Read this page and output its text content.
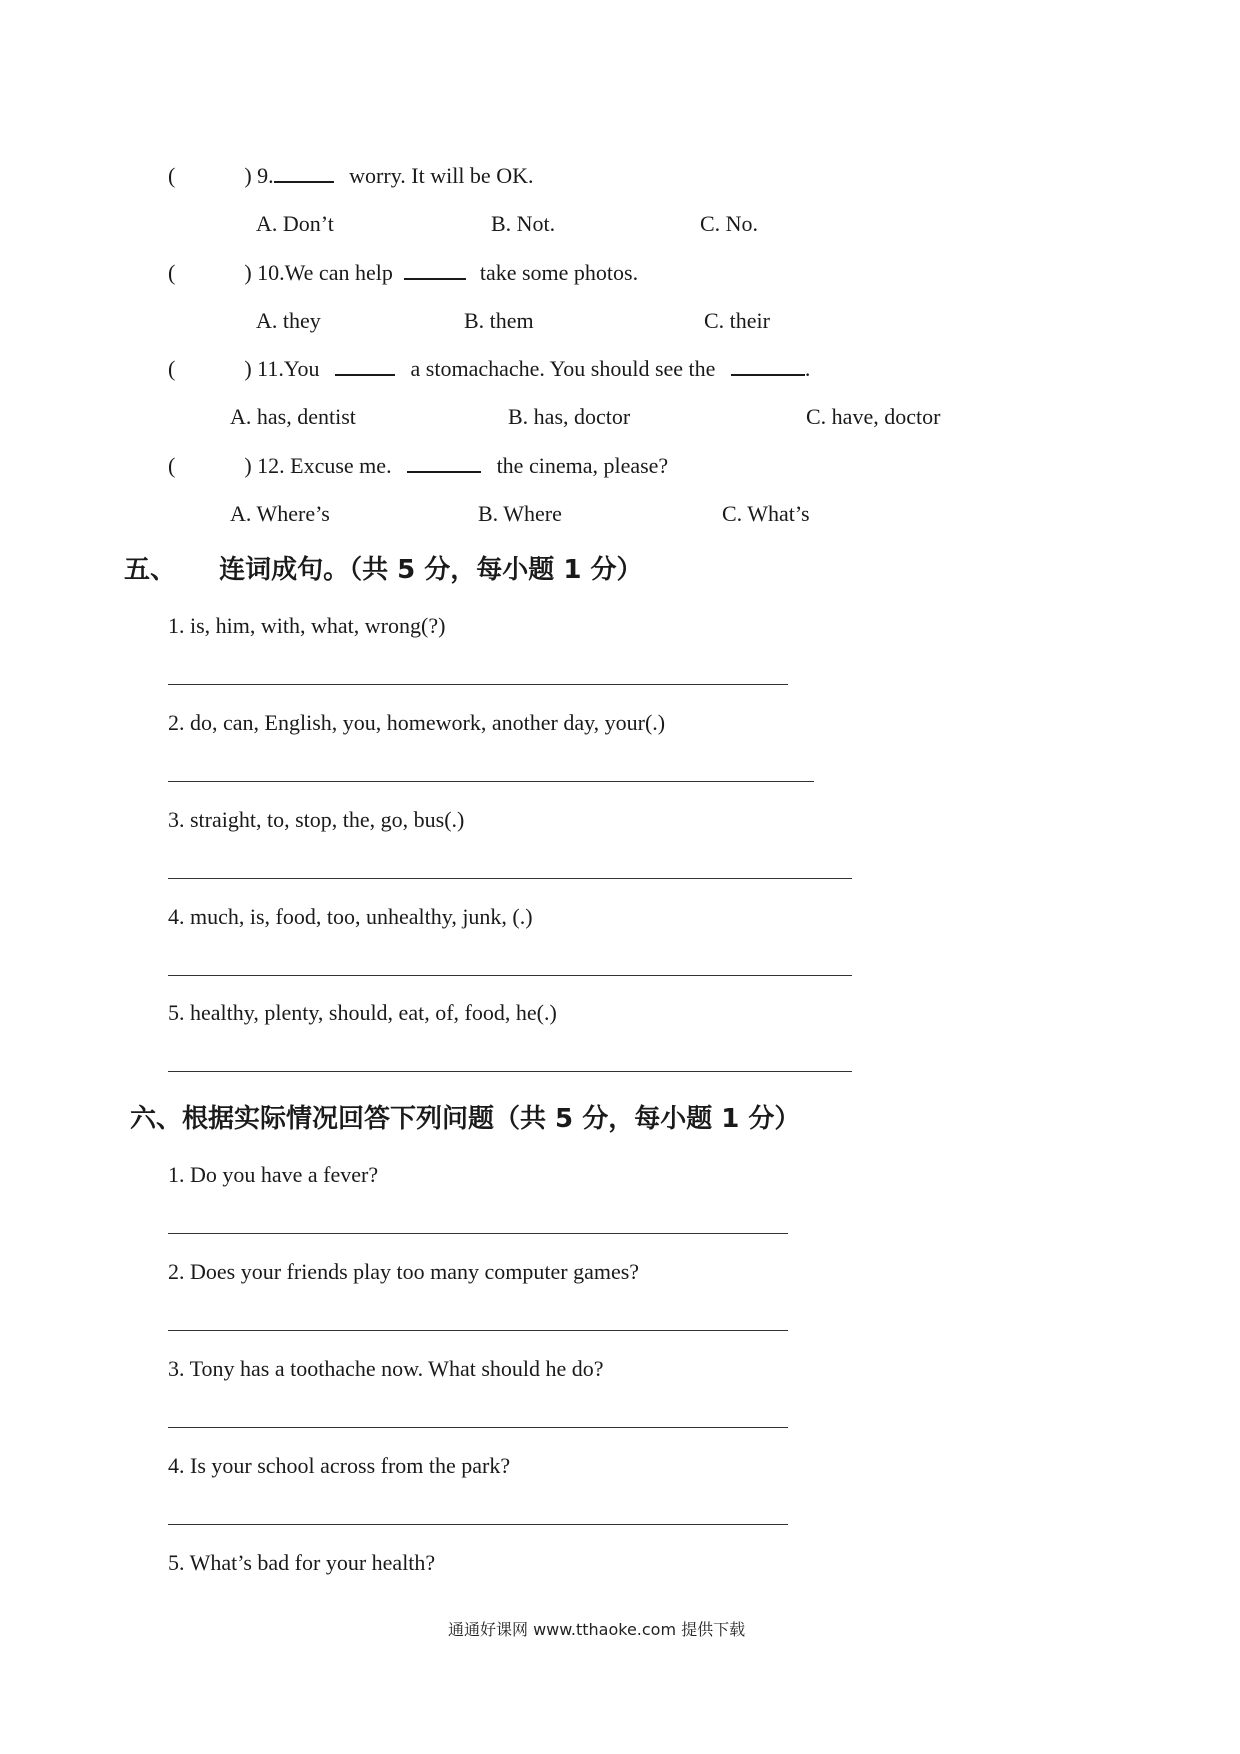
(	) 9.	worry. It will be OK.
A. Don’t	B. Not.	C. No.
(	) 10.We can help	take some photos.
A. they	B. them	C. their
(	) 11.You	a stomachache. You should see the	.
A. has, dentist	B. has, doctor	C. have, doctor
(	) 12. Excuse me.	the cinema, please?
A. Where’s	B. Where	C. What’s
五、 连词成句。（共 5 分，每小题 1 分）
1. is, him, with, what, wrong(?)
2. do, can, English, you, homework, another day, your(.)
3. straight, to, stop, the, go, bus(.)
4. much, is, food, too, unhealthy, junk, (.)
5. healthy, plenty, should, eat, of, food, he(.)
六、根据实际情况回答下列问题（共 5 分，每小题 1 分）
1. Do you have a fever?
2. Does your friends play too many computer games?
3. Tony has a toothache now. What should he do?
4. Is your school across from the park?
5. What’s bad for your health?
通通好课网 www.tthaoke.com 提供下载
